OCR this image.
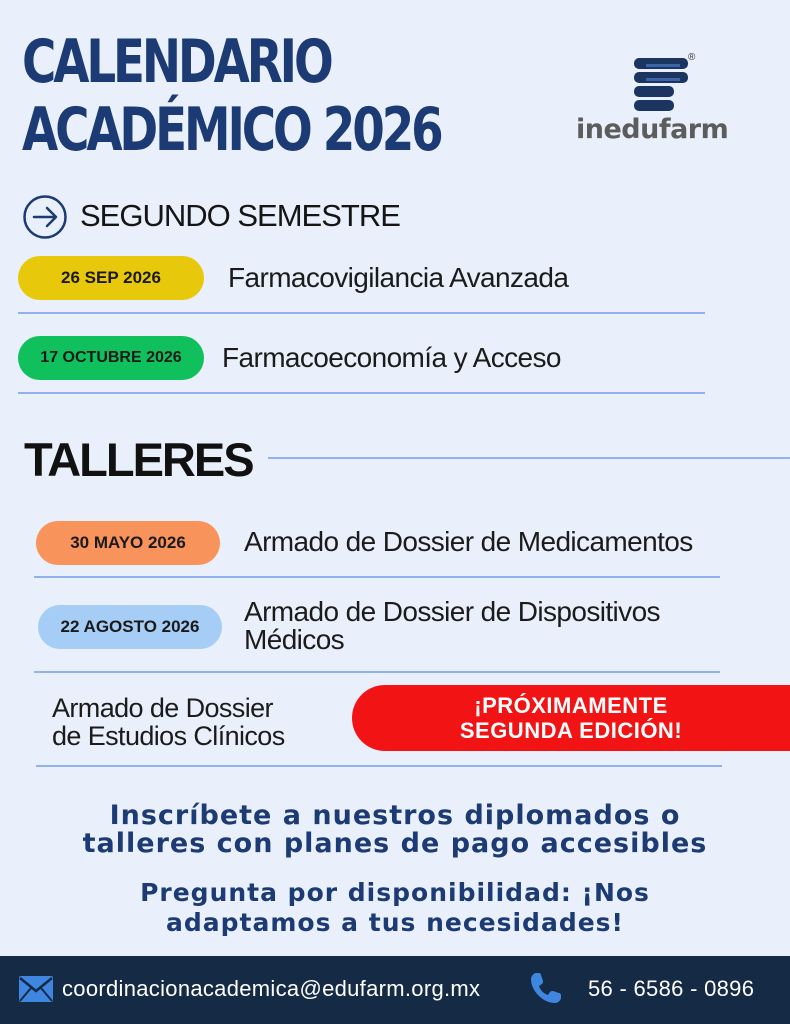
CALENDARIO
ACADÉMICO 2026
®
inedufarm
SEGUNDO SEMESTRE
26 SEP 2026	Farmacovigilancia Avanzada
17 OCTUBRE 2026	Farmacoeconomía y Acceso
TALLERES
30 MAYO 2026	Armado de Dossier de Medicamentos
22 AGOSTO 2026	Armado de Dossier de Dispositivos
Médicos
Armado de Dossier
de Estudios Clínicos
¡PRÓXIMAMENTE
SEGUNDA EDICIÓN!
Inscríbete a nuestros diplomados o
talleres con planes de pago accesibles
Pregunta por disponibilidad: ¡Nos
adaptamos a tus necesidades!
coordinacionacademica@edufarm.org.mx	56 - 6586 - 0896
